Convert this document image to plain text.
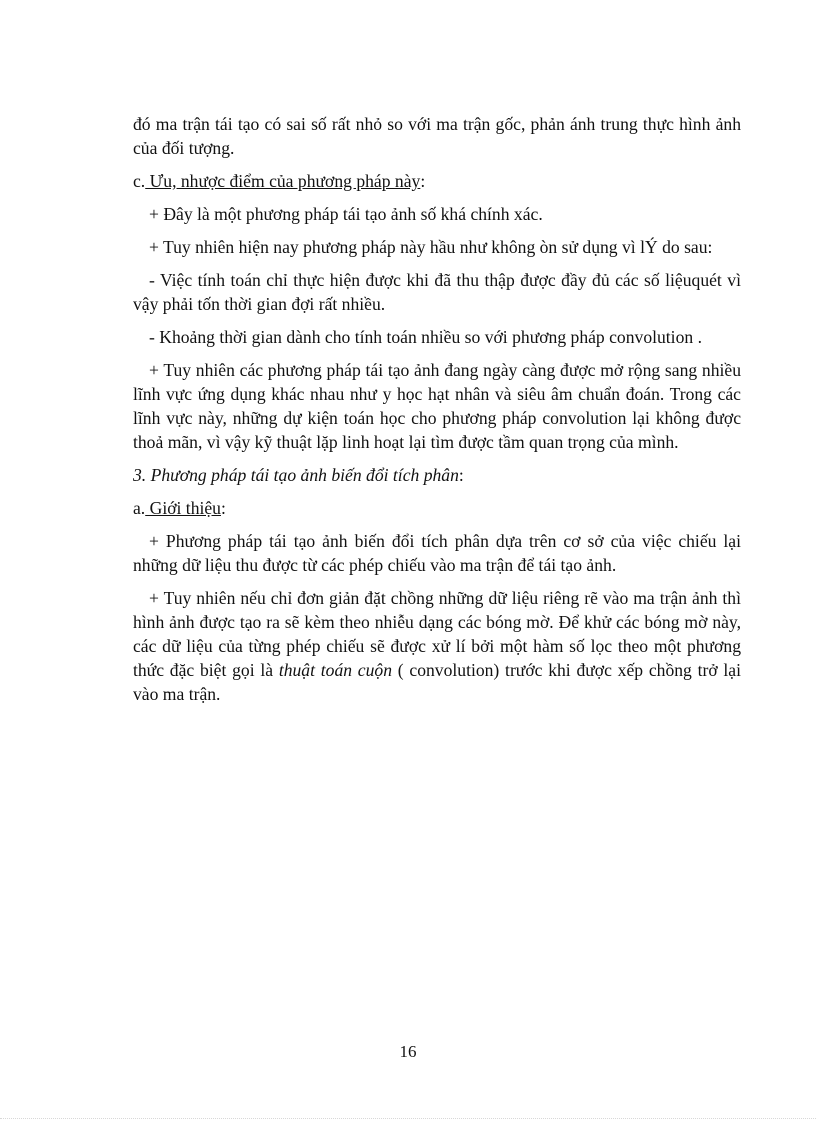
đó ma trận tái tạo có sai số rất nhỏ so với ma trận gốc, phản ánh trung thực hình ảnh của đối tượng.

c. Ưu, nhược điểm của phương pháp này:

+ Đây là một phương pháp tái tạo ảnh số khá chính xác.

+ Tuy nhiên hiện nay phương pháp này hầu như không òn sử dụng vì lÝ do sau:

- Việc tính toán chỉ thực hiện được khi đã thu thập được đầy đủ các số liệuquét vì vậy phải tốn thời gian đợi rất nhiều.

- Khoảng thời gian dành cho tính toán nhiều so với phương pháp convolution .

+ Tuy nhiên các phương pháp tái tạo ảnh đang ngày càng được mở rộng sang nhiều lĩnh vực ứng dụng khác nhau như y học hạt nhân và siêu âm chuẩn đoán. Trong các lĩnh vực này, những dự kiện toán học cho phương pháp convolution lại không được thoả mãn, vì vậy kỹ thuật lặp linh hoạt lại tìm được tầm quan trọng của mình.

3. Phương pháp tái tạo ảnh biến đổi tích phân:

a. Giới thiệu:

+ Phương pháp tái tạo ảnh biến đổi tích phân dựa trên cơ sở của việc chiếu lại những dữ liệu thu được từ các phép chiếu vào ma trận để tái tạo ảnh.

+ Tuy nhiên nếu chỉ đơn giản đặt chồng những dữ liệu riêng rẽ vào ma trận ảnh thì hình ảnh được tạo ra sẽ kèm theo nhiễu dạng các bóng mờ. Để khử các bóng mờ này, các dữ liệu của từng phép chiếu sẽ được xử lí bởi một hàm số lọc theo một phương thức đặc biệt gọi là thuật toán cuộn ( convolution) trước khi được xếp chồng trở lại vào ma trận.

16
